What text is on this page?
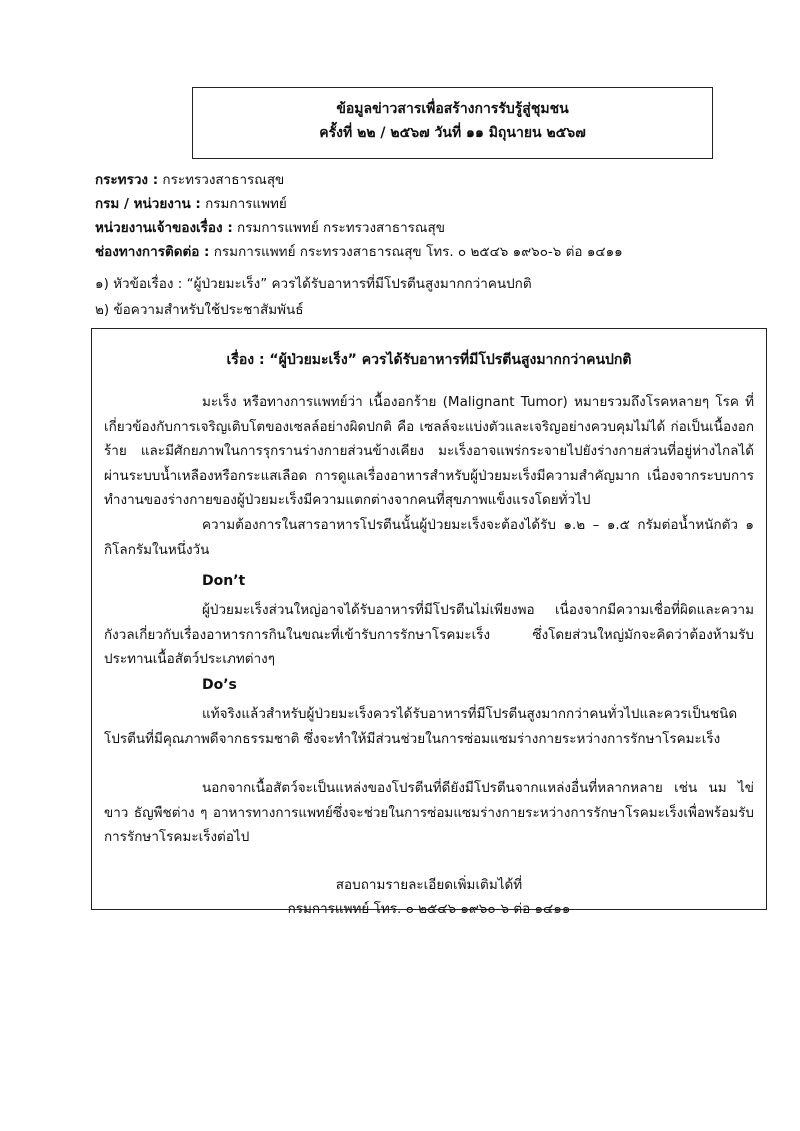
ข้อมูลข่าวสารเพื่อสร้างการรับรู้สู่ชุมชน
ครั้งที่ ๒๒ / ๒๕๖๗ วันที่ ๑๑ มิถุนายน ๒๕๖๗
กระทรวง : กระทรวงสาธารณสุข
กรม / หน่วยงาน : กรมการแพทย์
หน่วยงานเจ้าของเรื่อง : กรมการแพทย์ กระทรวงสาธารณสุข
ช่องทางการติดต่อ : กรมการแพทย์ กระทรวงสาธารณสุข โทร. ๐ ๒๕๔๖ ๑๙๖๐-๖ ต่อ ๑๔๑๑
๑) หัวข้อเรื่อง : “ผู้ป่วยมะเร็ง” ควรได้รับอาหารที่มีโปรตีนสูงมากกว่าคนปกติ
๒) ข้อความสำหรับใช้ประชาสัมพันธ์
เรื่อง : “ผู้ป่วยมะเร็ง” ควรได้รับอาหารที่มีโปรตีนสูงมากกว่าคนปกติ
มะเร็ง หรือทางการแพทย์ว่า เนื้องอกร้าย (Malignant Tumor) หมายรวมถึงโรคหลายๆ โรค ที่เกี่ยวข้องกับการเจริญเติบโตของเซลล์อย่างผิดปกติ คือ เซลล์จะแบ่งตัวและเจริญอย่างควบคุมไม่ได้ ก่อเป็นเนื้องอกร้าย และมีศักยภาพในการรุกรานร่างกายส่วนข้างเคียง มะเร็งอาจแพร่กระจายไปยังร่างกายส่วนที่อยู่ห่างไกลได้ ผ่านระบบน้ำเหลืองหรือกระแสเลือด การดูแลเรื่องอาหารสำหรับผู้ป่วยมะเร็งมีความสำคัญมาก เนื่องจากระบบการทำงานของร่างกายของผู้ป่วยมะเร็งมีความแตกต่างจากคนที่สุขภาพแข็งแรงโดยทั่วไป
ความต้องการในสารอาหารโปรตีนนั้นผู้ป่วยมะเร็งจะต้องได้รับ ๑.๒ – ๑.๕ กรัมต่อน้ำหนักตัว ๑ กิโลกรัมในหนึ่งวัน
Don’t
ผู้ป่วยมะเร็งส่วนใหญ่อาจได้รับอาหารที่มีโปรตีนไม่เพียงพอ เนื่องจากมีความเชื่อที่ผิดและความกังวลเกี่ยวกับเรื่องอาหารการกินในขณะที่เข้ารับการรักษาโรคมะเร็ง ซึ่งโดยส่วนใหญ่มักจะคิดว่าต้องห้ามรับประทานเนื้อสัตว์ประเภทต่างๆ
Do’s
แท้จริงแล้วสำหรับผู้ป่วยมะเร็งควรได้รับอาหารที่มีโปรตีนสูงมากกว่าคนทั่วไปและควรเป็นชนิดโปรตีนที่มีคุณภาพดีจากธรรมชาติ ซึ่งจะทำให้มีส่วนช่วยในการซ่อมแซมร่างกายระหว่างการรักษาโรคมะเร็ง
นอกจากเนื้อสัตว์จะเป็นแหล่งของโปรตีนที่ดียังมีโปรตีนจากแหล่งอื่นที่หลากหลาย เช่น นม ไข่ขาว ธัญพืชต่าง ๆ อาหารทางการแพทย์ซึ่งจะช่วยในการซ่อมแซมร่างกายระหว่างการรักษาโรคมะเร็งเพื่อพร้อมรับการรักษาโรคมะเร็งต่อไป
สอบถามรายละเอียดเพิ่มเติมได้ที่
กรมการแพทย์ โทร. ๐ ๒๕๔๖ ๑๙๖๐-๖ ต่อ ๑๔๑๑
